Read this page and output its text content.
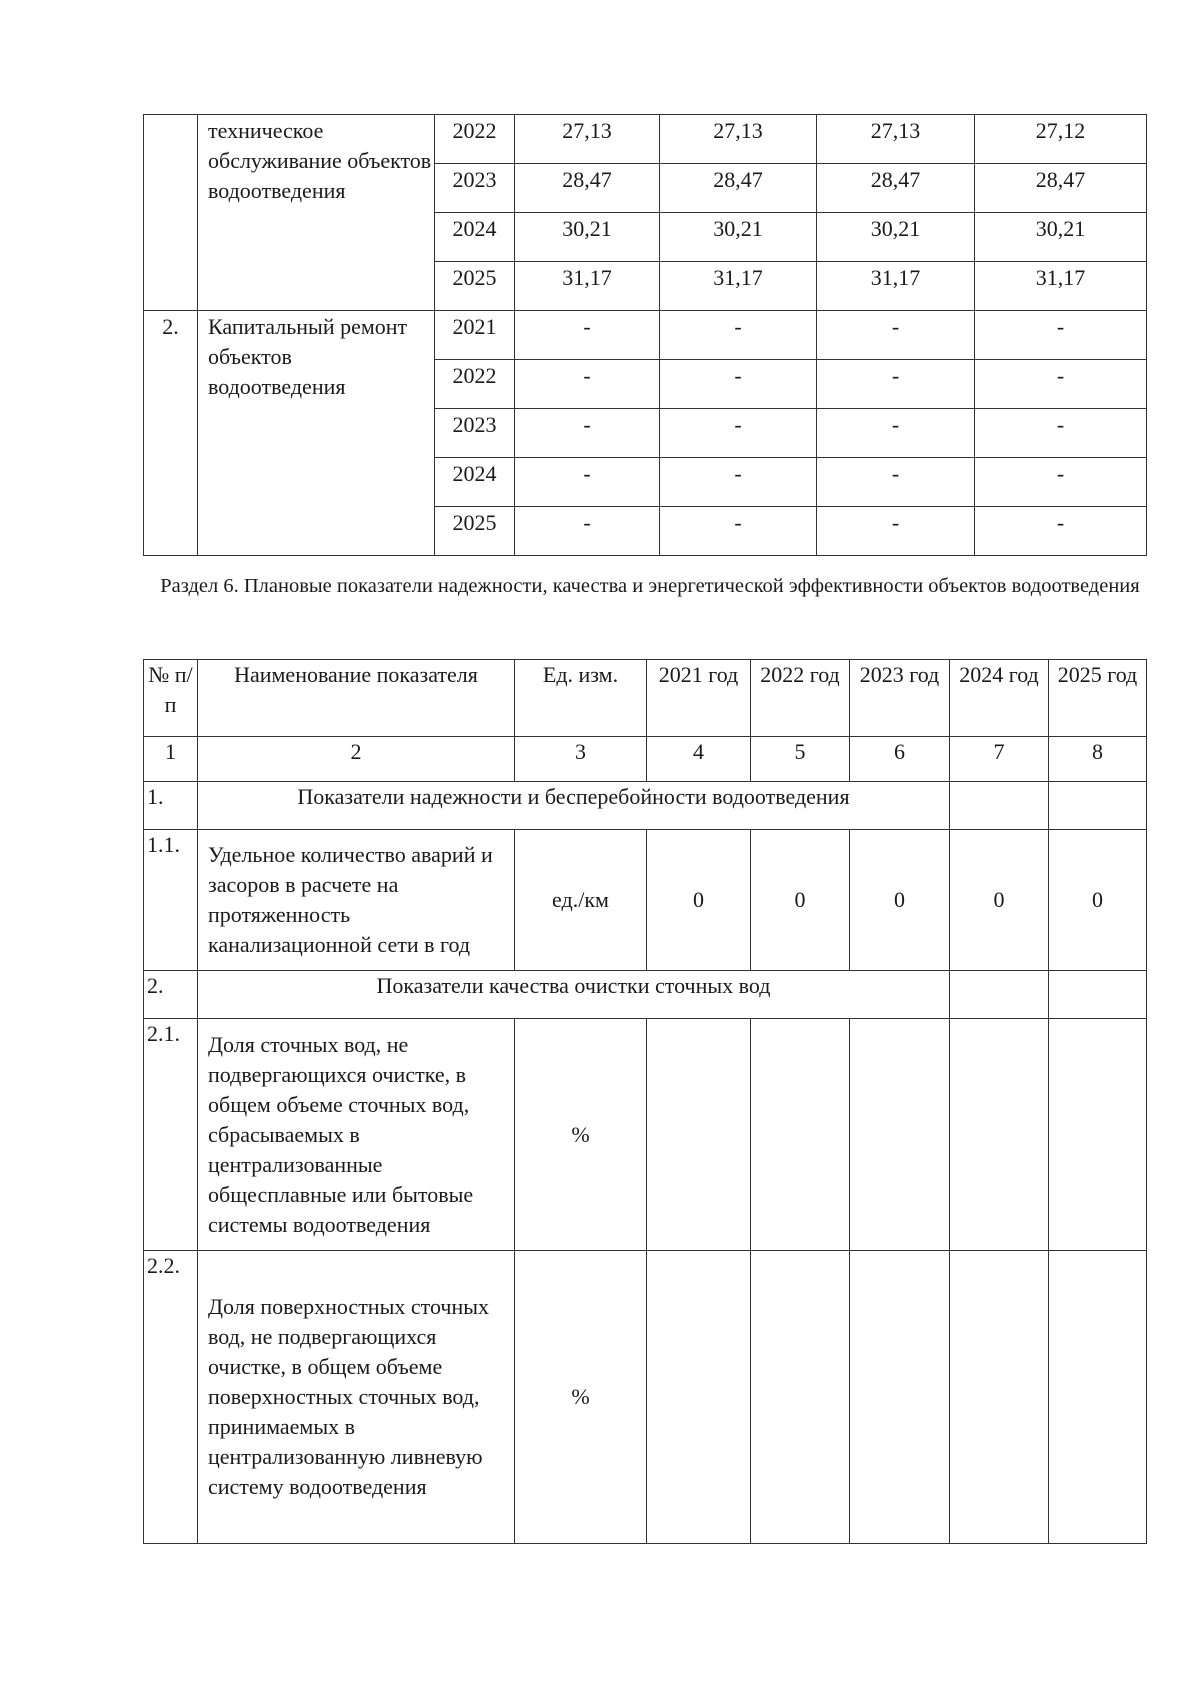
	техническое обслуживание объектов водоотведения	2022	27,13	27,13	27,13	27,12
		2023	28,47	28,47	28,47	28,47
		2024	30,21	30,21	30,21	30,21
		2025	31,17	31,17	31,17	31,17
2.	Капитальный ремонт объектов водоотведения	2021	-	-	-	-
		2022	-	-	-	-
		2023	-	-	-	-
		2024	-	-	-	-
		2025	-	-	-	-
Раздел 6. Плановые показатели надежности, качества и энергетической эффективности объектов водоотведения
№ п/п	Наименование показателя	Ед. изм.	2021 год	2022 год	2023 год	2024 год	2025 год
1	2	3	4	5	6	7	8
1.	Показатели надежности и бесперебойности водоотведения						
1.1.	Удельное количество аварий и засоров в расчете на протяженность канализационной сети в год	ед./км	0	0	0	0	0
2.	Показатели качества очистки сточных вод						
2.1.	Доля сточных вод, не подвергающихся очистке, в общем объеме сточных вод, сбрасываемых в централизованные общесплавные или бытовые системы водоотведения	%					
2.2.	Доля поверхностных сточных вод, не подвергающихся очистке, в общем объеме поверхностных сточных вод, принимаемых в централизованную ливневую систему водоотведения	%					
